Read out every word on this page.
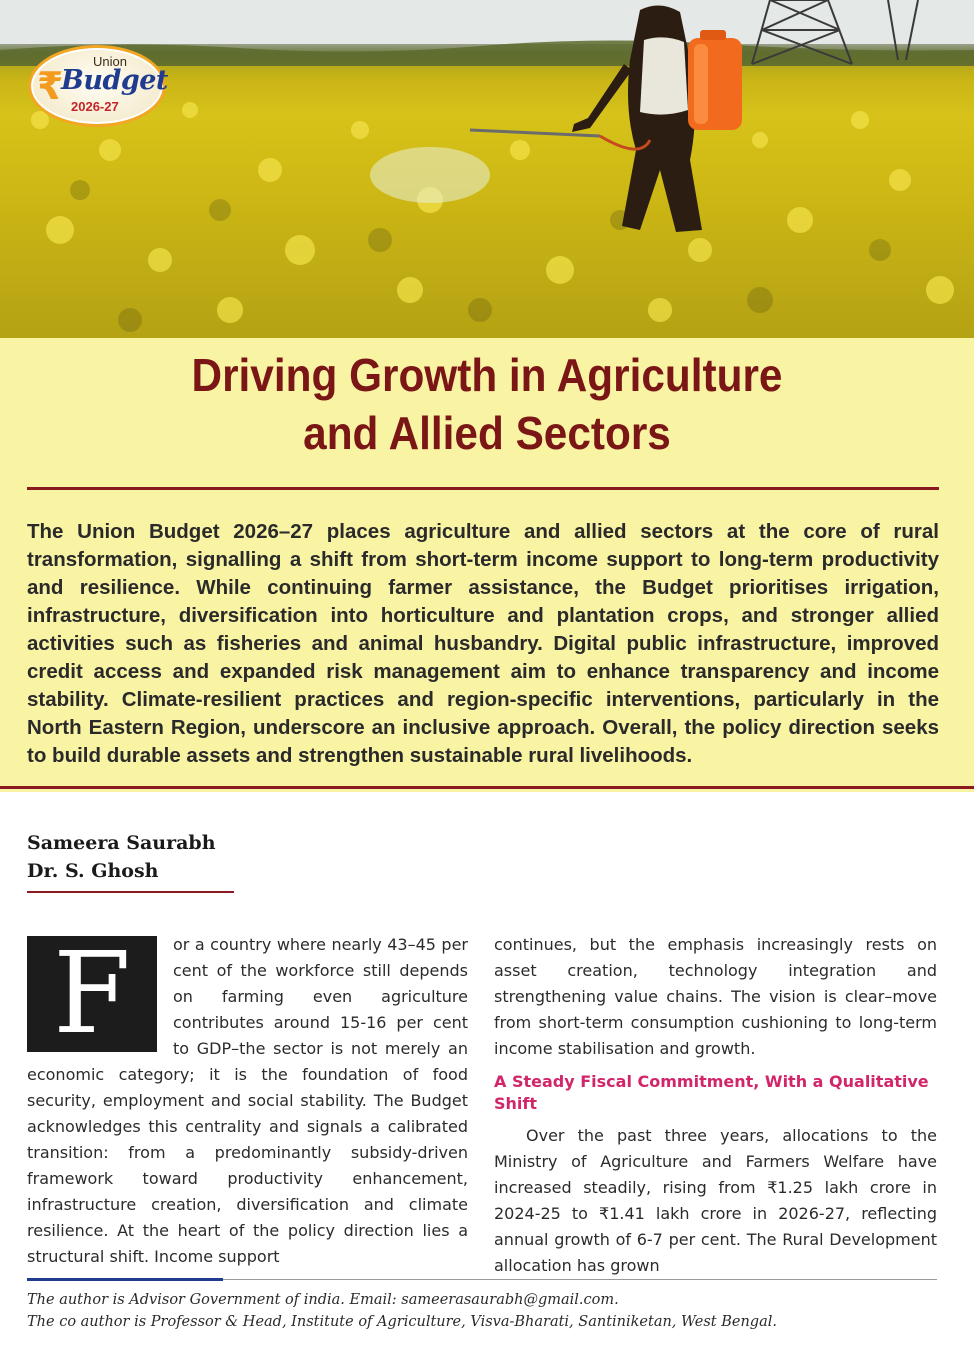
Union
₹
Budget
2026-27
Driving Growth in Agriculture
and Allied Sectors
The Union Budget 2026–27 places agriculture and allied sectors at the core of rural transformation, signalling a shift from short-term income support to long-term productivity and resilience. While continuing farmer assistance, the Budget prioritises irrigation, infrastructure, diversification into horticulture and plantation crops, and stronger allied activities such as fisheries and animal husbandry. Digital public infrastructure, improved credit access and expanded risk management aim to enhance transparency and income stability. Climate-resilient practices and region-specific interventions, particularly in the North Eastern Region, underscore an inclusive approach. Overall, the policy direction seeks to build durable assets and strengthen sustainable rural livelihoods.
Sameera Saurabh
Dr. S. Ghosh
F	or a country where nearly 43–45 per cent of the workforce still depends on farming even agriculture contributes around 15-16 per cent to GDP–the sector is not merely an economic category; it is the foundation of food security, employment and social stability. The Budget acknowledges this centrality and signals a calibrated transition: from a predominantly subsidy-driven framework toward productivity enhancement, infrastructure creation, diversification and climate resilience. At the heart of the policy direction lies a structural shift. Income support

continues, but the emphasis increasingly rests on asset creation, technology integration and strengthening value chains. The vision is clear–move from short-term consumption cushioning to long-term income stabilisation and growth.

A Steady Fiscal Commitment, With a Qualitative Shift

Over the past three years, allocations to the Ministry of Agriculture and Farmers Welfare have increased steadily, rising from ₹1.25 lakh crore in 2024-25 to ₹1.41 lakh crore in 2026-27, reflecting annual growth of 6-7 per cent. The Rural Development allocation has grown

The author is Advisor Government of india. Email: sameerasaurabh@gmail.com.
The co author is Professor & Head, Institute of Agriculture, Visva-Bharati, Santiniketan, West Bengal.
